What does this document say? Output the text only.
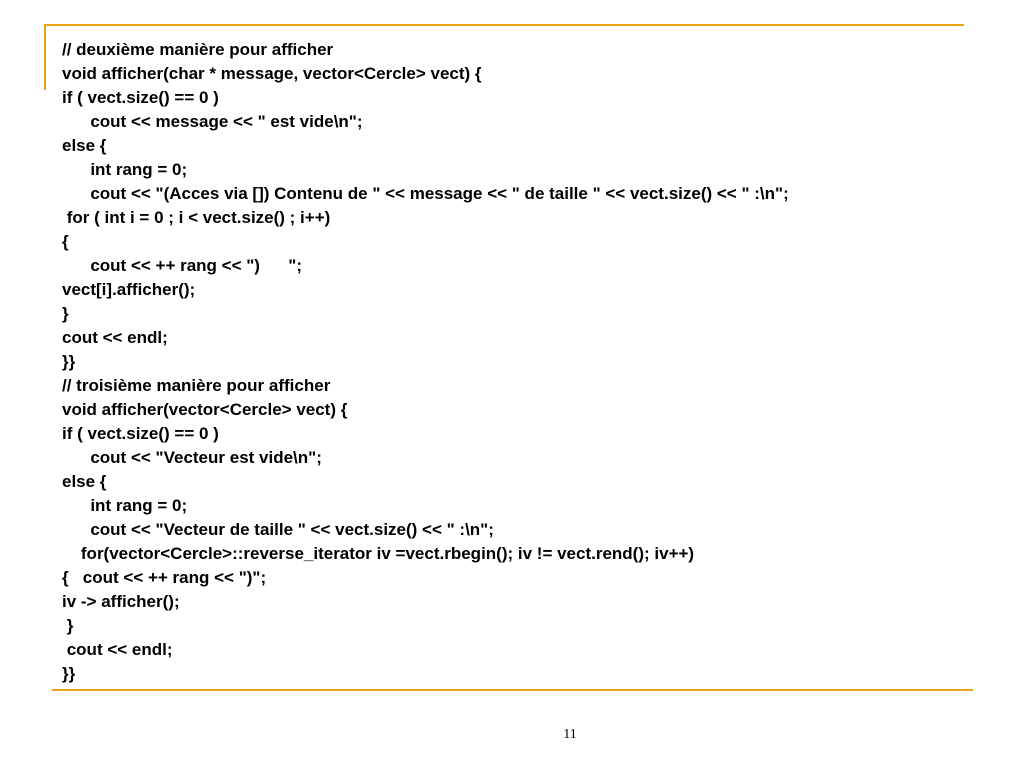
// deuxième manière pour afficher
void afficher(char * message, vector<Cercle> vect) {
if ( vect.size() == 0 )
cout << message << " est vide\n";
else {
int rang = 0;
cout << "(Acces via []) Contenu de " << message << " de taille " << vect.size() << " :\n";
for ( int i = 0 ; i < vect.size() ; i++)
{
cout << ++ rang << ")      ";
vect[i].afficher();
}
cout << endl;
}}
// troisième manière pour afficher
void afficher(vector<Cercle> vect) {
if ( vect.size() == 0 )
cout << "Vecteur est vide\n";
else {
int rang = 0;
cout << "Vecteur de taille " << vect.size() << " :\n";
for(vector<Cercle>::reverse_iterator iv =vect.rbegin(); iv != vect.rend(); iv++)
{   cout << ++ rang << ")";
iv -> afficher();
}
cout << endl;
}}
11
